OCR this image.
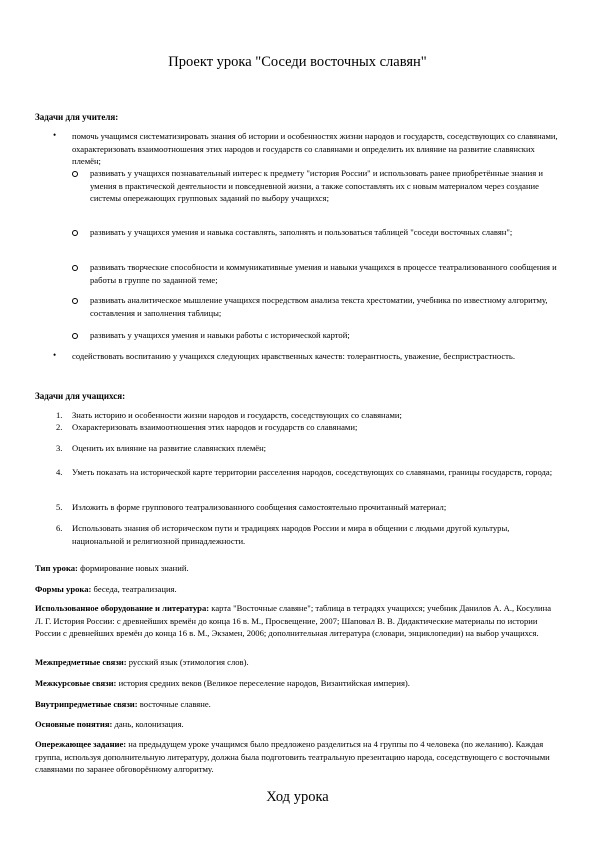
Проект урока "Соседи восточных славян"

Задачи для учителя:

• помочь учащимся систематизировать знания об истории и особенностях жизни народов и государств, соседствующих со славянами, охарактеризовать взаимоотношения этих народов и государств со славянами и определить их влияние на развитие славянских племён;

развивать у учащихся познавательный интерес к предмету "история России" и использовать ранее приобретённые знания и умения в практической деятельности и повседневной жизни, а также сопоставлять их с новым материалом через создание системы опережающих групповых заданий по выбору учащихся;

развивать у учащихся умения и навыка составлять, заполнять и пользоваться таблицей "соседи восточных славян";

развивать творческие способности и коммуникативные умения и навыки учащихся в процессе театрализованного сообщения и работы в группе по заданной теме;

развивать аналитическое мышление учащихся посредством анализа текста хрестоматии, учебника по известному алгоритму, составления и заполнения таблицы;

развивать у учащихся умения и навыки работы с исторической картой;

• содействовать воспитанию у учащихся следующих нравственных качеств: толерантность, уважение, беспристрастность.

Задачи для учащихся:

1. Знать историю и особенности жизни народов и государств, соседствующих со славянами;

2. Охарактеризовать взаимоотношения этих народов и государств со славянами;

3. Оценить их влияние на развитие славянских племён;

4. Уметь показать на исторической карте территории расселения народов, соседствующих со славянами, границы государств, города;

5. Изложить в форме группового театрализованного сообщения самостоятельно прочитанный материал;

6. Использовать знания об историческом пути и традициях народов России и мира в общении с людьми другой культуры, национальной и религиозной принадлежности.

Тип урока: формирование новых знаний.

Формы урока: беседа, театрализация.

Использованное оборудование и литература: карта "Восточные славяне"; таблица в тетрадях учащихся; учебник Данилов А. А., Косулина Л. Г. История России: с древнейших времён до конца 16 в. М., Просвещение, 2007; Шаповал В. В. Дидактические материалы по истории России с древнейших времён до конца 16 в. М., Экзамен, 2006; дополнительная литература (словари, энциклопедии) на выбор учащихся.

Межпредметные связи: русский язык (этимология слов).

Межкурсовые связи: история средних веков (Великое переселение народов, Византийская империя).

Внутрипредметные связи: восточные славяне.

Основные понятия: дань, колонизация.

Опережающее задание: на предыдущем уроке учащимся было предложено разделиться на 4 группы по 4 человека (по желанию). Каждая группа, используя дополнительную литературу, должна была подготовить театральную презентацию народа, соседствующего с восточными славянами по заранее обговорённому алгоритму.

Ход урока
